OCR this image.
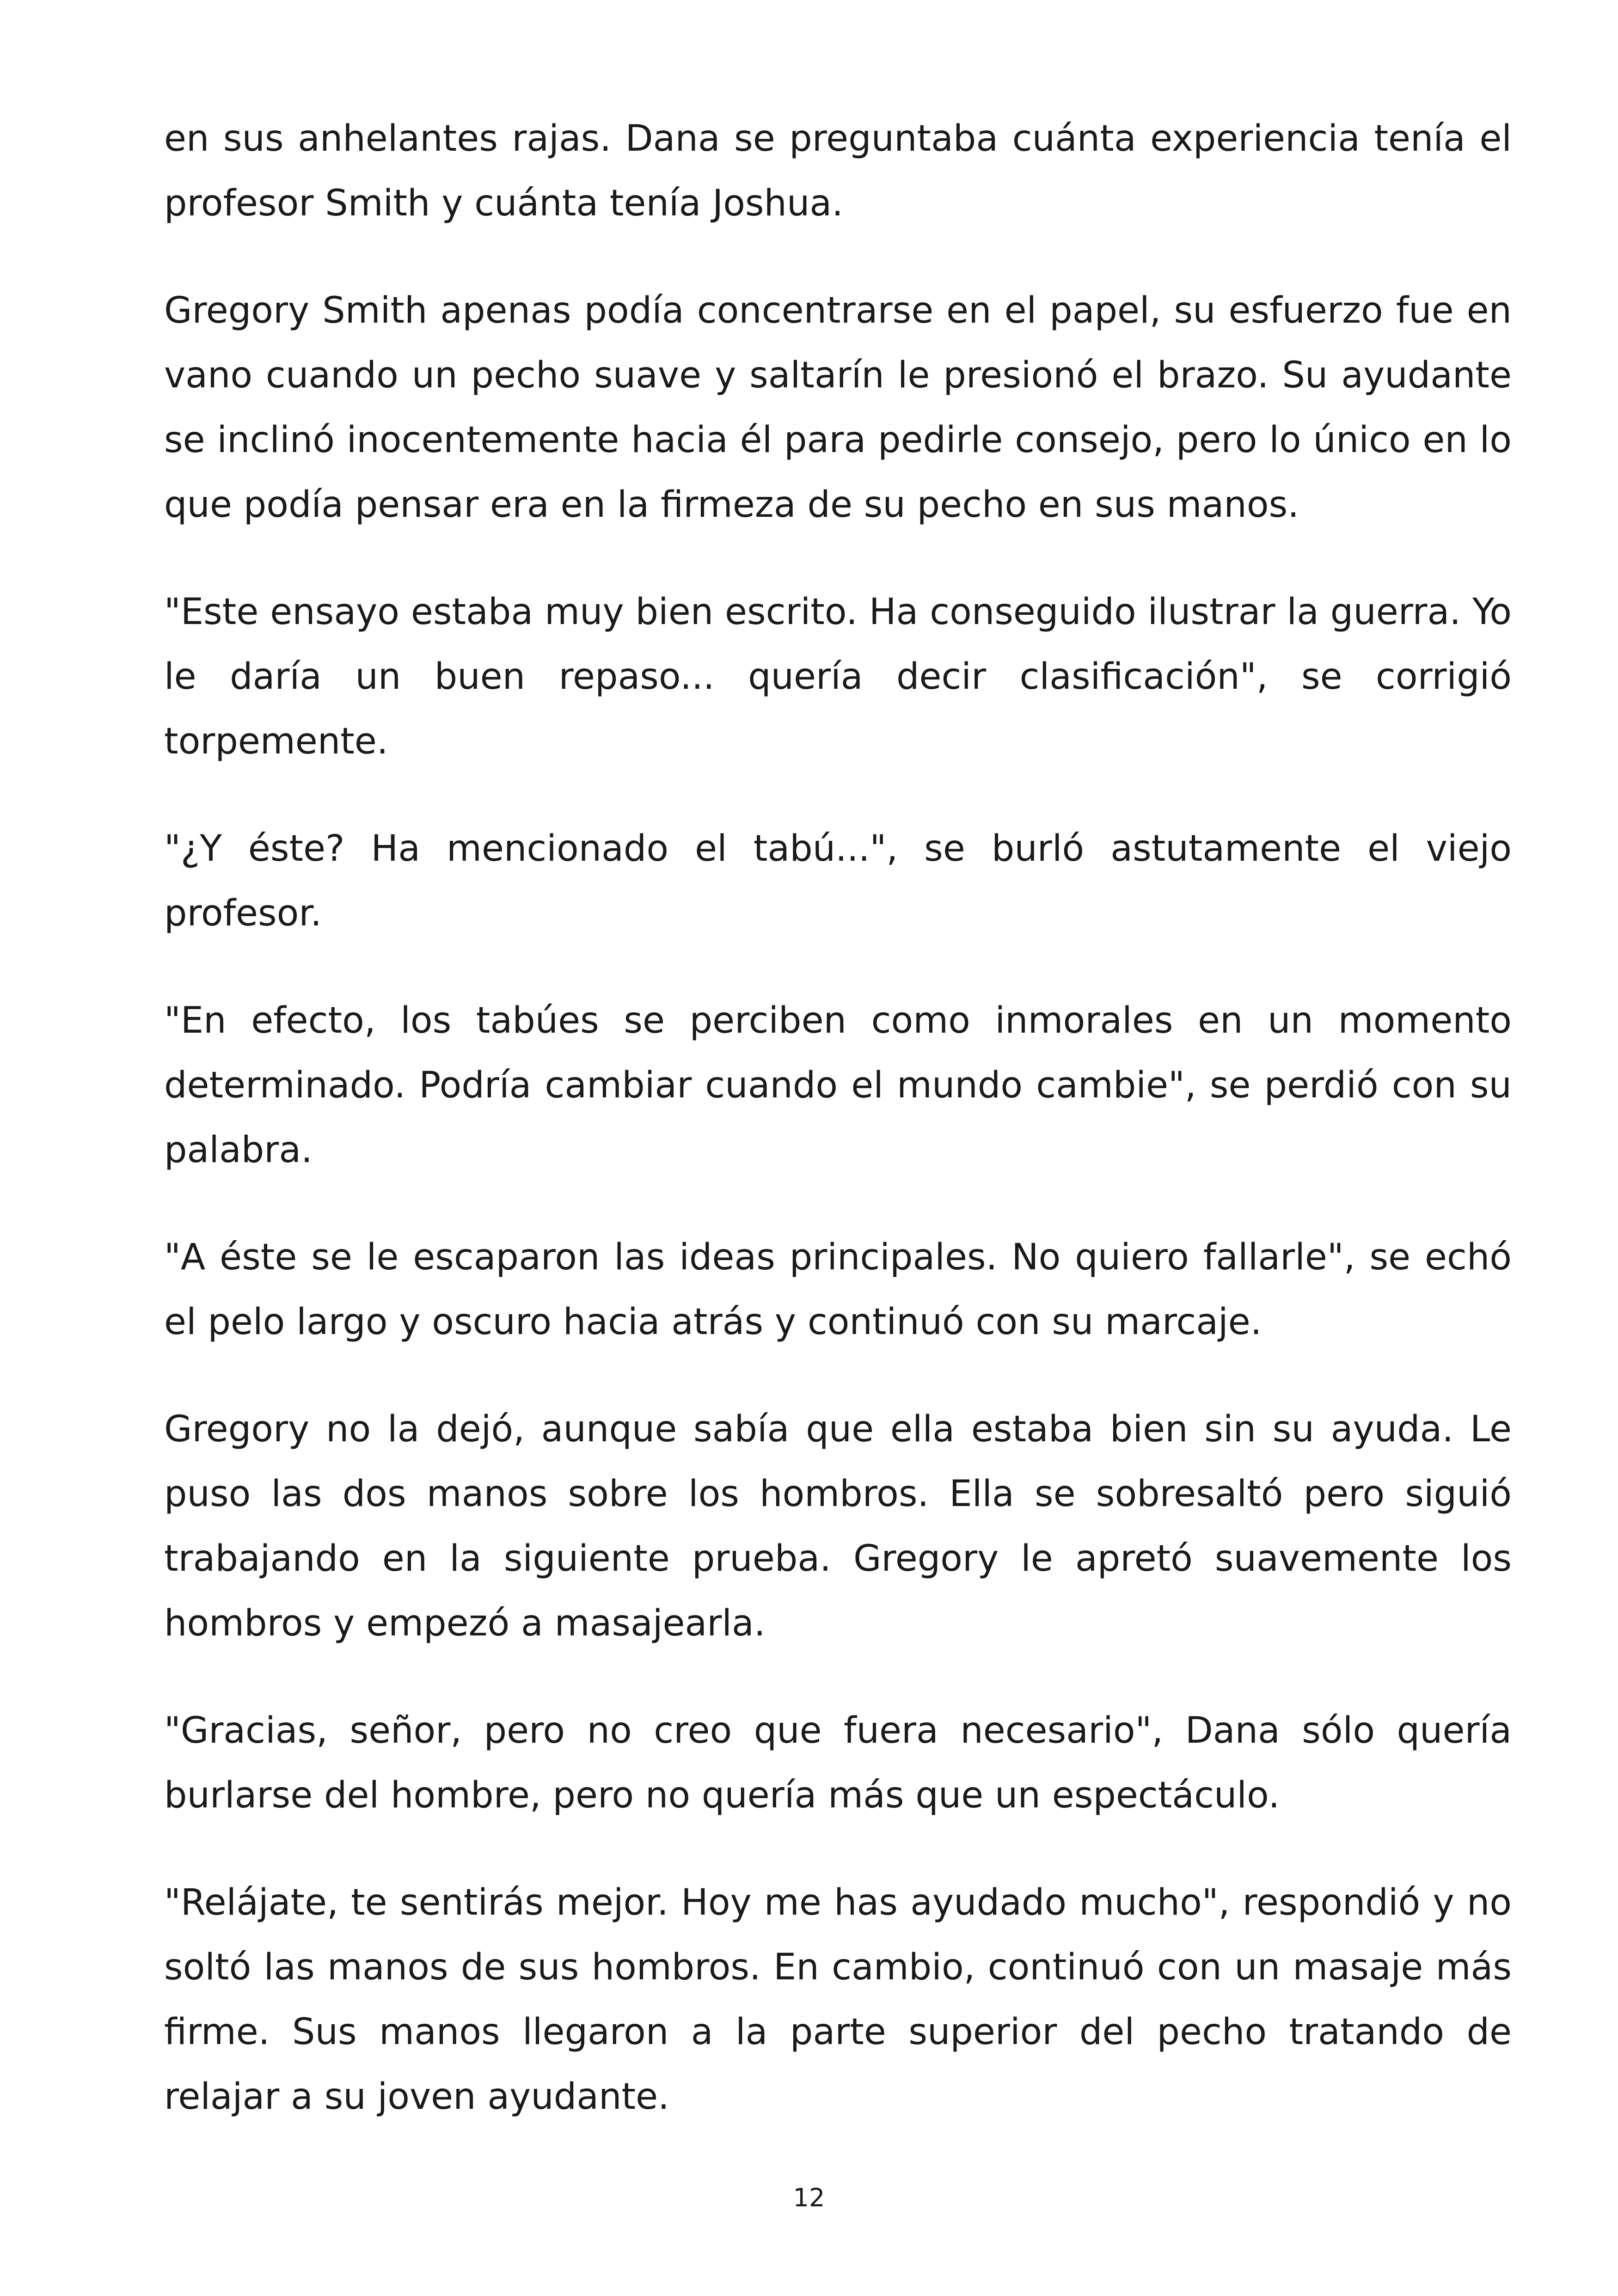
en sus anhelantes rajas. Dana se preguntaba cuánta experiencia tenía el profesor Smith y cuánta tenía Joshua.

Gregory Smith apenas podía concentrarse en el papel, su esfuerzo fue en vano cuando un pecho suave y saltarín le presionó el brazo. Su ayudante se inclinó inocentemente hacia él para pedirle consejo, pero lo único en lo que podía pensar era en la firmeza de su pecho en sus manos.

"Este ensayo estaba muy bien escrito. Ha conseguido ilustrar la guerra. Yo le daría un buen repaso... quería decir clasificación", se corrigió torpemente.

"¿Y éste? Ha mencionado el tabú...", se burló astutamente el viejo profesor.

"En efecto, los tabúes se perciben como inmorales en un momento determinado. Podría cambiar cuando el mundo cambie", se perdió con su palabra.

"A éste se le escaparon las ideas principales. No quiero fallarle", se echó el pelo largo y oscuro hacia atrás y continuó con su marcaje.

Gregory no la dejó, aunque sabía que ella estaba bien sin su ayuda. Le puso las dos manos sobre los hombros. Ella se sobresaltó pero siguió trabajando en la siguiente prueba. Gregory le apretó suavemente los hombros y empezó a masajearla.

"Gracias, señor, pero no creo que fuera necesario", Dana sólo quería burlarse del hombre, pero no quería más que un espectáculo.

"Relájate, te sentirás mejor. Hoy me has ayudado mucho", respondió y no soltó las manos de sus hombros. En cambio, continuó con un masaje más firme. Sus manos llegaron a la parte superior del pecho tratando de relajar a su joven ayudante.

12
